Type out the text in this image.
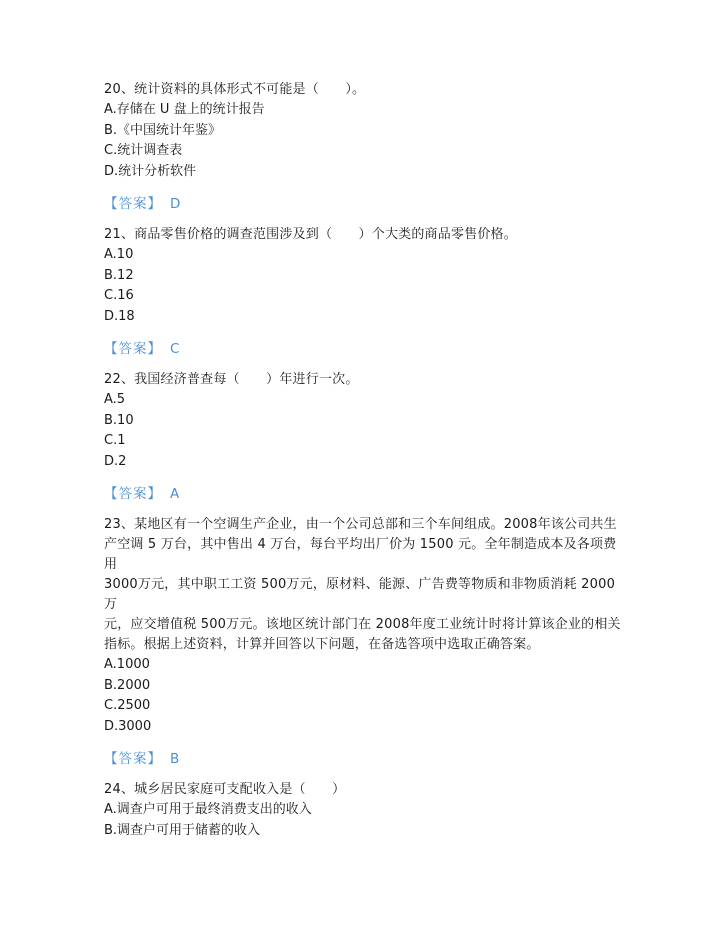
20、统计资料的具体形式不可能是（　　）。

A.存储在 U 盘上的统计报告

B.《中国统计年鉴》

C.统计调查表

D.统计分析软件

【答案】 D

21、商品零售价格的调查范围涉及到（　　）个大类的商品零售价格。

A.10

B.12

C.16

D.18

【答案】 C

22、我国经济普查每（　　）年进行一次。

A.5

B.10

C.1

D.2

【答案】 A

23、某地区有一个空调生产企业，由一个公司总部和三个车间组成。2008年该公司共生

产空调 5 万台，其中售出 4 万台，每台平均出厂价为 1500 元。全年制造成本及各项费用

3000万元，其中职工工资 500万元，原材料、能源、广告费等物质和非物质消耗 2000万

元，应交增值税 500万元。该地区统计部门在 2008年度工业统计时将计算该企业的相关

指标。根据上述资料，计算并回答以下问题，在备选答项中选取正确答案。

A.1000

B.2000

C.2500

D.3000

【答案】 B

24、城乡居民家庭可支配收入是（　　）

A.调查户可用于最终消费支出的收入

B.调查户可用于储蓄的收入
